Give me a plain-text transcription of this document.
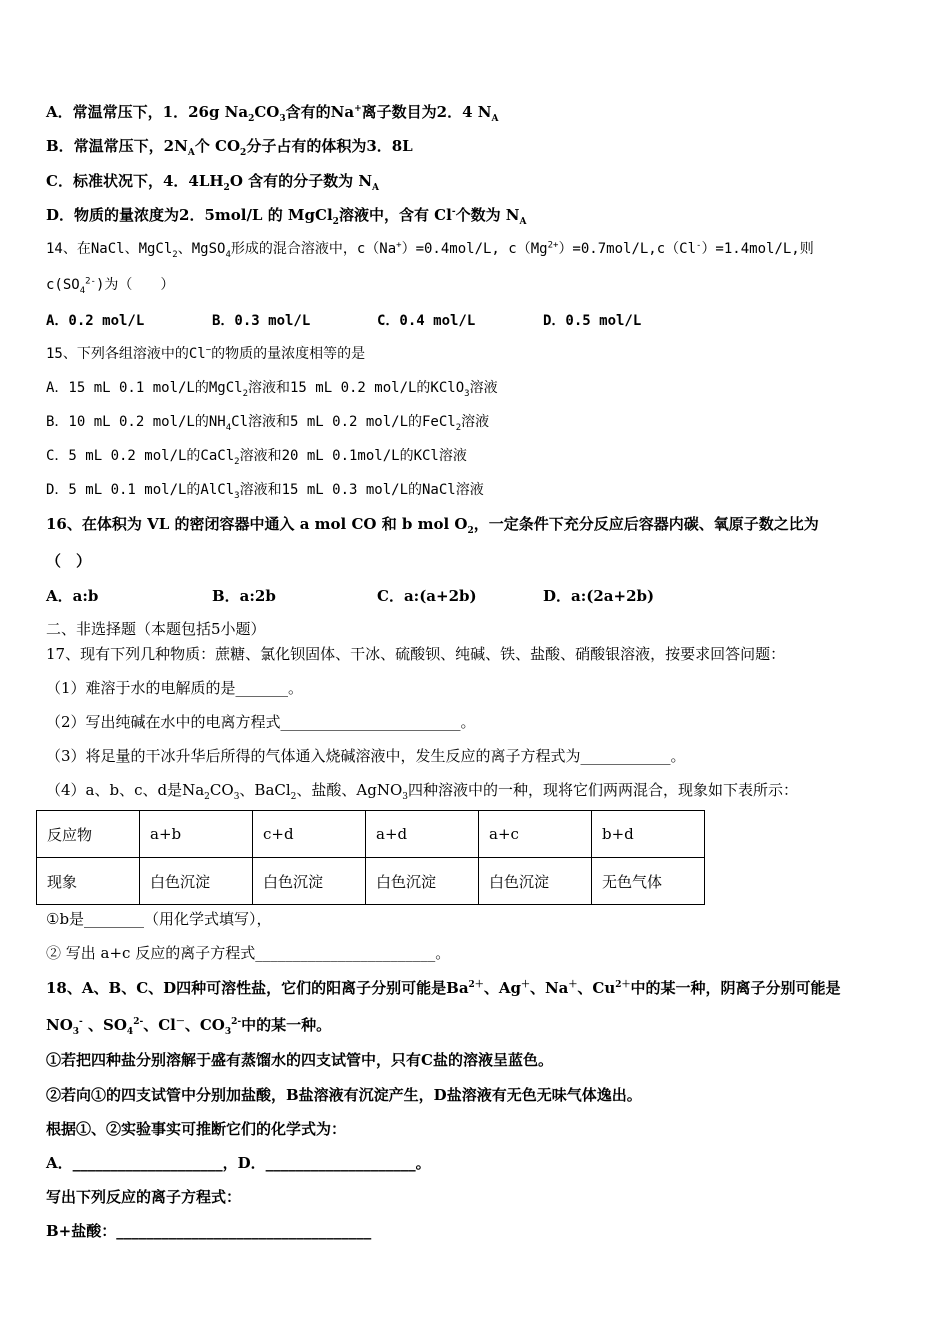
A．常温常压下，1．26g $Na_2CO_3$含有的Na+离子数目为2．4 $N_A$
B．常温常压下，$2N_A$个 $CO_2$分子占有的体积为3．8L
C．标准状况下，4．$4LH_2O$ 含有的分子数为 $N_A$
D．物质的量浓度为2．5mol/L 的 MgCl$_2$溶液中，含有 Cl-个数为 $N_A$
14、在NaCl、MgCl$_2$、MgSO$_4$形成的混合溶液中，c（Na+）=0.4mol/L, $c(Mg^{2+})=0.7mol/L,c(Cl^-)=1.4mol/L$,则
$c(SO_4^{2-})$为（　　）
A．0.2 mol/L	B．0.3 mol/L	C．0.4 mol/L	D．0.5 mol/L
15、下列各组溶液中的Cl−的物质的量浓度相等的是
A．15 mL 0.1 mol/L的MgCl$_2$溶液和15 mL 0.2 mol/L的KClO$_3$溶液
B．10 mL 0.2 mol/L的$NH_4Cl$溶液和5 mL 0.2 mol/L的FeCl$_2$溶液
C．5 mL 0.2 mol/L的CaCl$_2$溶液和20 mL 0.1mol/L的KCl溶液
D．5 mL 0.1 mol/L的AlCl$_3$溶液和15 mL 0.3 mol/L的NaCl溶液
16、在体积为 VL 的密闭容器中通入 a mol CO 和 b mol $O_2$，一定条件下充分反应后容器内碳、氧原子数之比为
（　）
A．a:b	B．a:2b	C．a:(a+2b)	D．a:(2a+2b)
二、非选择题（本题包括5小题）
17、现有下列几种物质：蔗糖、氯化钡固体、干冰、硫酸钡、纯碱、铁、盐酸、硝酸银溶液，按要求回答问题：
（1）难溶于水的电解质的是_______。
（2）写出纯碱在水中的电离方程式________________________。
（3）将足量的干冰升华后所得的气体通入烧碱溶液中，发生反应的离子方程式为____________。
（4）a、b、c、d是$Na_2CO_3$、BaCl$_2$、盐酸、AgNO$_3$四种溶液中的一种，现将它们两两混合，现象如下表所示：
反应物	a+b	c+d	a+d	a+c	b+d
现象	白色沉淀	白色沉淀	白色沉淀	白色沉淀	无色气体
①b是________（用化学式填写），
② 写出 a+c 反应的离子方程式________________________。
18、A、B、C、D四种可溶性盐，它们的阳离子分别可能是$Ba^{2+}$、Ag＋、Na＋、$Cu^{2+}$中的某一种，阴离子分别可能是
$NO_3^-$ 、$SO_4^{2-}$、Cl－、$CO_3^{2-}$中的某一种。
①若把四种盐分别溶解于盛有蒸馏水的四支试管中，只有C盐的溶液呈蓝色。
②若向①的四支试管中分别加盐酸，B盐溶液有沉淀产生，D盐溶液有无色无味气体逸出。
根据①、②实验事实可推断它们的化学式为：
A．____________________，D．____________________。
写出下列反应的离子方程式：
B+盐酸：__________________________________
